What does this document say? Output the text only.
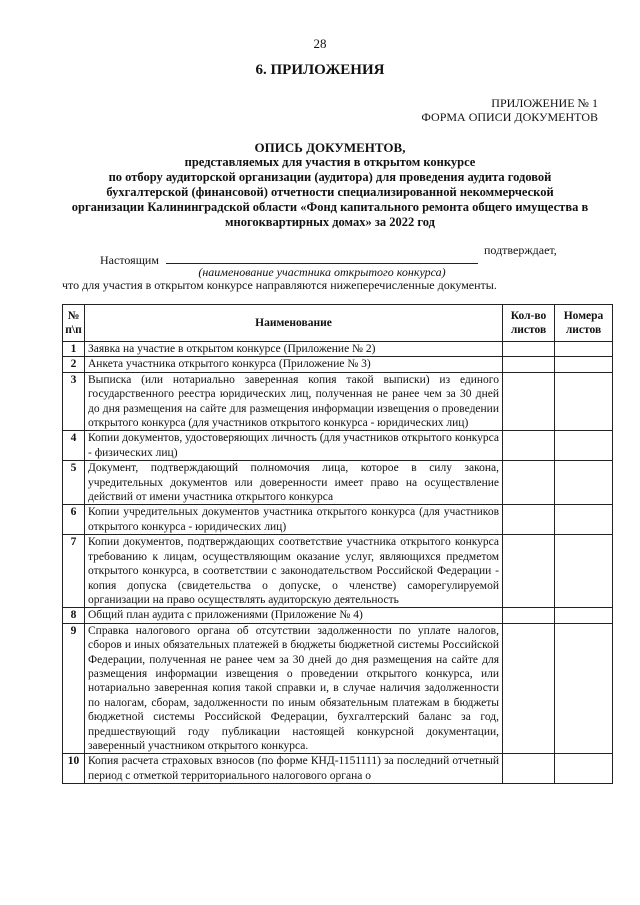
28
6. ПРИЛОЖЕНИЯ
ПРИЛОЖЕНИЕ № 1
ФОРМА ОПИСИ ДОКУМЕНТОВ
ОПИСЬ ДОКУМЕНТОВ,
представляемых для участия в открытом конкурсе
по отбору аудиторской организации (аудитора) для проведения аудита годовой
бухгалтерской (финансовой) отчетности специализированной некоммерческой
организации Калининградской области «Фонд капитального ремонта общего имущества в
многоквартирных домах» за 2022 год
Настоящим
подтверждает,
(наименование участника открытого конкурса)
что для участия в открытом конкурсе направляются нижеперечисленные документы.
№ п\п	Наименование	Кол-во листов	Номера листов
1	Заявка на участие в открытом конкурсе (Приложение № 2)		
2	Анкета участника открытого конкурса (Приложение № 3)		
3	Выписка (или нотариально заверенная копия такой выписки) из единого государственного реестра юридических лиц, полученная не ранее чем за 30 дней до дня размещения на сайте для размещения информации извещения о проведении открытого конкурса (для участников открытого конкурса - юридических лиц)		
4	Копии документов, удостоверяющих личность (для участников открытого конкурса - физических лиц)		
5	Документ, подтверждающий полномочия лица, которое в силу закона, учредительных документов или доверенности имеет право на осуществление действий от имени участника открытого конкурса		
6	Копии учредительных документов участника открытого конкурса (для участников открытого конкурса - юридических лиц)		
7	Копии документов, подтверждающих соответствие участника открытого конкурса требованию к лицам, осуществляющим оказание услуг, являющихся предметом открытого конкурса, в соответствии с законодательством Российской Федерации - копия допуска (свидетельства о допуске, о членстве) саморегулируемой организации на право осуществлять аудиторскую деятельность		
8	Общий план аудита с приложениями (Приложение № 4)		
9	Справка налогового органа об отсутствии задолженности по уплате налогов, сборов и иных обязательных платежей в бюджеты бюджетной системы Российской Федерации, полученная не ранее чем за 30 дней до дня размещения на сайте для размещения информации извещения о проведении открытого конкурса, или нотариально заверенная копия такой справки и, в случае наличия задолженности по налогам, сборам, задолженности по иным обязательным платежам в бюджеты бюджетной системы Российской Федерации, бухгалтерский баланс за год, предшествующий году публикации настоящей конкурсной документации, заверенный участником открытого конкурса.		
10	Копия расчета страховых взносов (по форме КНД-1151111) за последний отчетный период с отметкой территориального налогового органа о		
